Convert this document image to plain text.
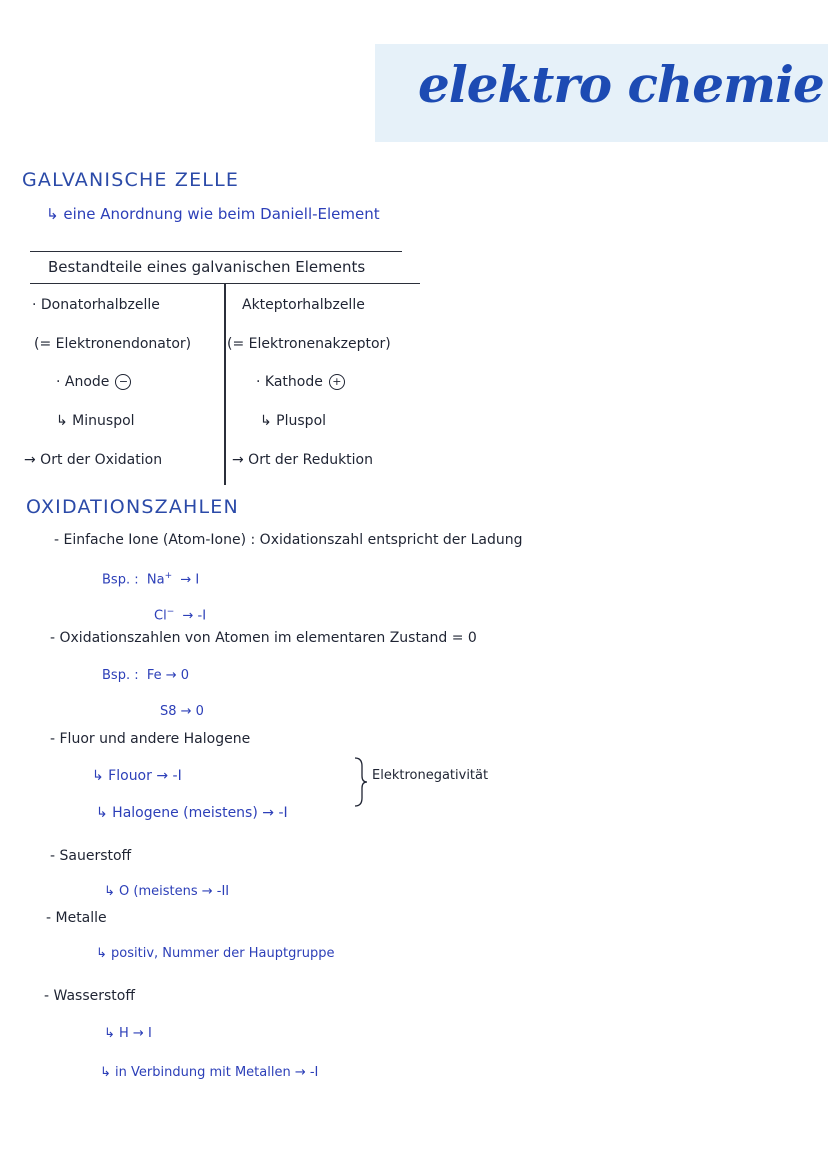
elektro chemie
GALVANISCHE ZELLE
↳ eine Anordnung wie beim Daniell-Element
Bestandteile eines galvanischen Elements
· Donatorhalbzelle
(= Elektronendonator)
· Anode −
↳ Minuspol
→ Ort der Oxidation
Akteptorhalbzelle
(= Elektronenakzeptor)
· Kathode +
↳ Pluspol
→ Ort der Reduktion
OXIDATIONSZAHLEN
- Einfache Ione (Atom-Ione) : Oxidationszahl entspricht der Ladung
Bsp. : Na+ → I
Cl− → -I
- Oxidationszahlen von Atomen im elementaren Zustand = 0
Bsp. : Fe → 0
S8 → 0
- Fluor und andere Halogene
↳ Flouor → -I
↳ Halogene (meistens) → -I
Elektronegativität
- Sauerstoff
↳ O (meistens → -II
- Metalle
↳ positiv, Nummer der Hauptgruppe
- Wasserstoff
↳ H → I
↳ in Verbindung mit Metallen → -I
